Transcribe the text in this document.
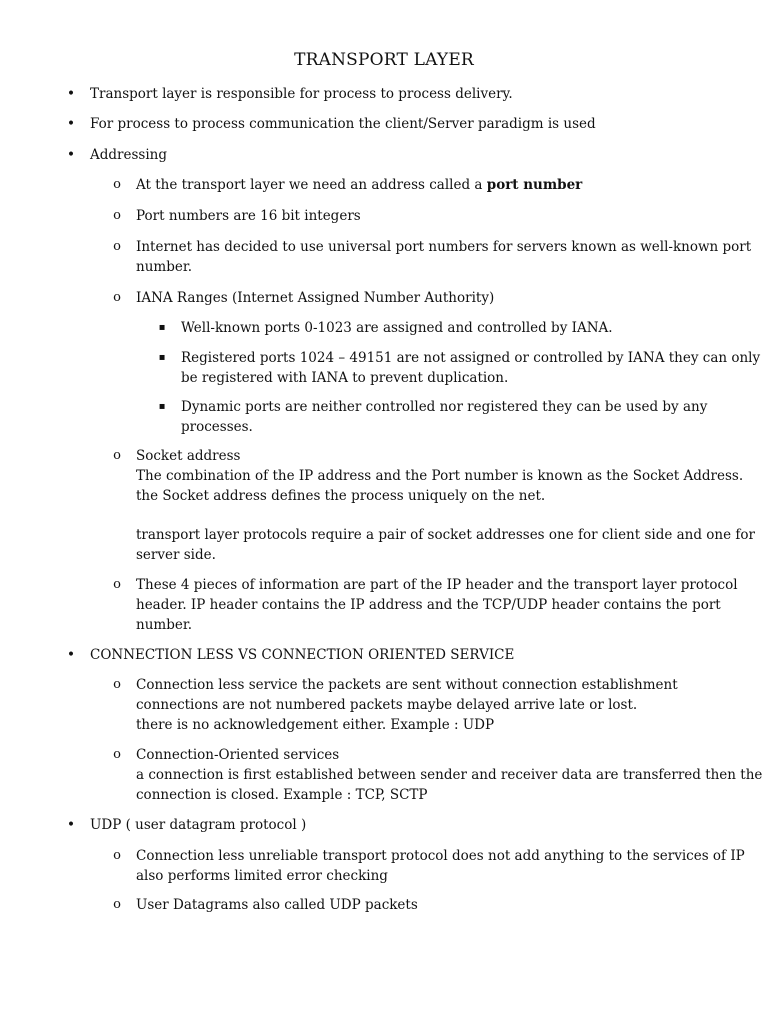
TRANSPORT LAYER
• Transport layer is responsible for process to process delivery.
• For process to process communication the client/Server paradigm is used
• Addressing
o At the transport layer we need an address called a port number
o Port numbers are 16 bit integers
o Internet has decided to use universal port numbers for servers known as well-known port
number.
o IANA Ranges (Internet Assigned Number Authority)
▪ Well-known ports 0-1023 are assigned and controlled by IANA.
▪ Registered ports 1024 – 49151 are not assigned or controlled by IANA they can only
be registered with IANA to prevent duplication.
▪ Dynamic ports are neither controlled nor registered they can be used by any
processes.
o Socket address
The combination of the IP address and the Port number is known as the Socket Address.
the Socket address defines the process uniquely on the net.
transport layer protocols require a pair of socket addresses one for client side and one for
server side.
o These 4 pieces of information are part of the IP header and the transport layer protocol
header. IP header contains the IP address and the TCP/UDP header contains the port
number.
• CONNECTION LESS VS CONNECTION ORIENTED SERVICE
o Connection less service the packets are sent without connection establishment
connections are not numbered packets maybe delayed arrive late or lost.
there is no acknowledgement either. Example : UDP
o Connection-Oriented services
a connection is first established between sender and receiver data are transferred then the
connection is closed. Example : TCP, SCTP
• UDP ( user datagram protocol )
o Connection less unreliable transport protocol does not add anything to the services of IP
also performs limited error checking
o User Datagrams also called UDP packets
